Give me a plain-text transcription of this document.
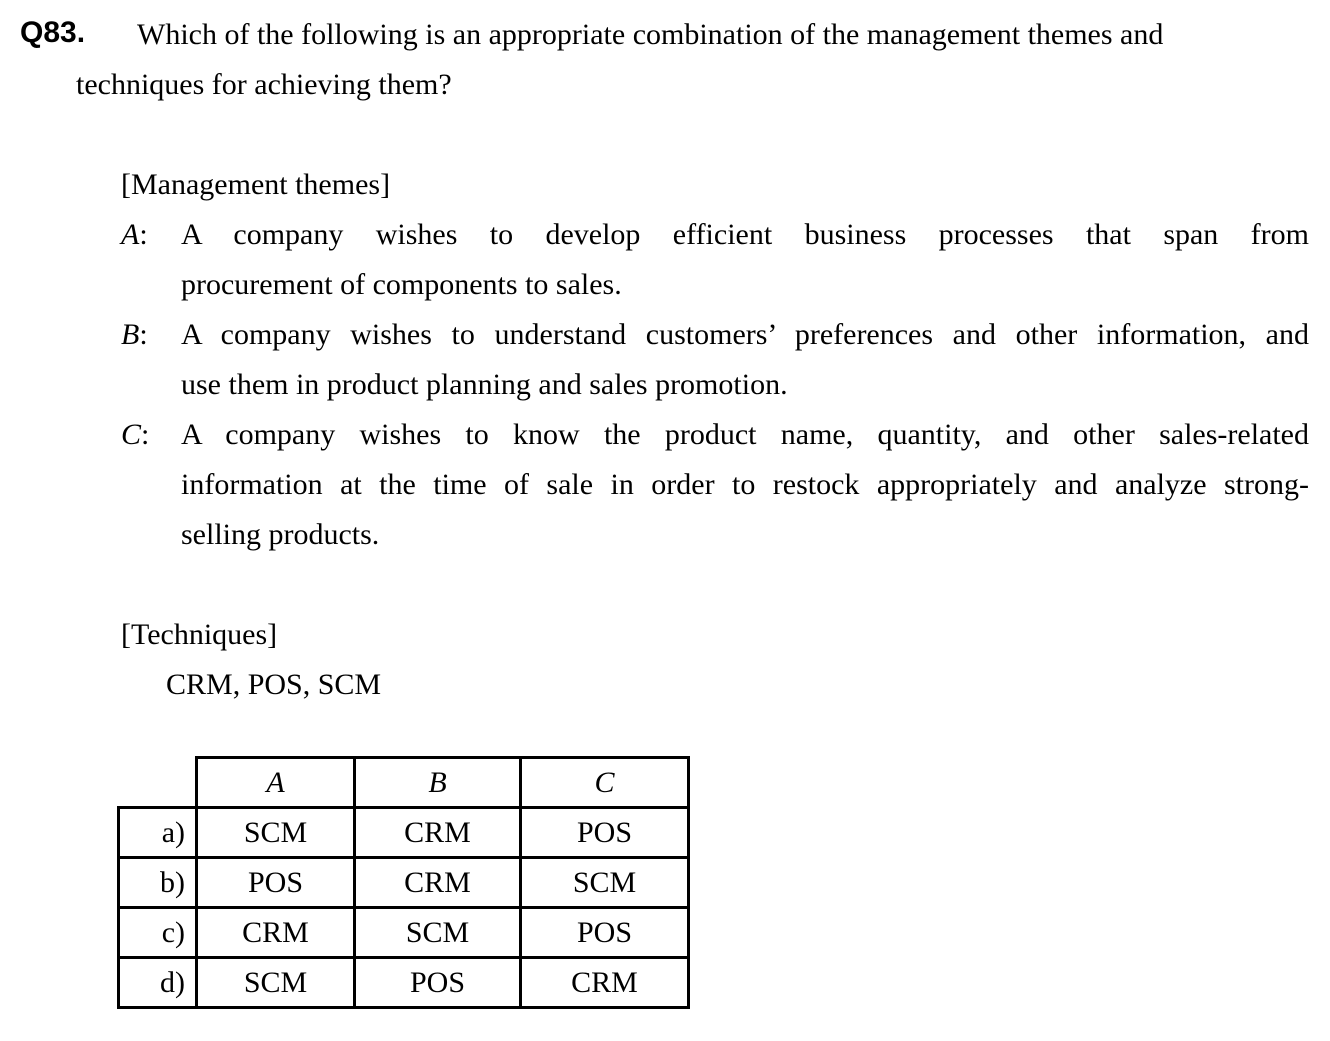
Q83. Which of the following is an appropriate combination of the management themes and
techniques for achieving them?
[Management themes]
A: A company wishes to develop efficient business processes that span from
procurement of components to sales.
B: A company wishes to understand customers’ preferences and other information, and
use them in product planning and sales promotion.
C: A company wishes to know the product name, quantity, and other sales-related
information at the time of sale in order to restock appropriately and analyze strong-
selling products.
[Techniques]
CRM, POS, SCM
	A	B	C
a)	SCM	CRM	POS
b)	POS	CRM	SCM
c)	CRM	SCM	POS
d)	SCM	POS	CRM
